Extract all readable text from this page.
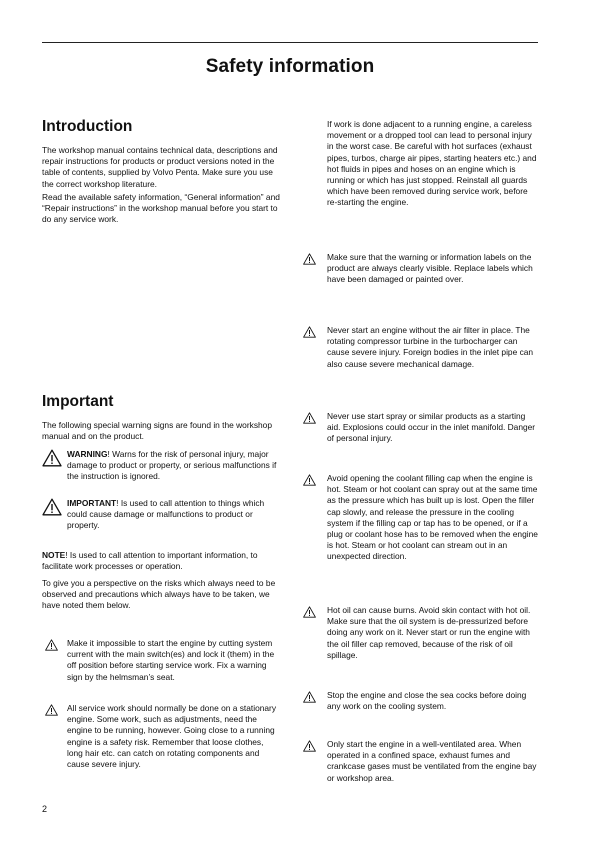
Safety information
Introduction

The workshop manual contains technical data, descriptions and repair instructions for products or product versions noted in the table of contents, supplied by Volvo Penta. Make sure you use the correct workshop literature.

Read the available safety information, “General information” and “Repair instructions” in the workshop manual before you start to do any service work.

Important

The following special warning signs are found in the workshop manual and on the product.

WARNING! Warns for the risk of personal injury, major damage to product or property, or serious malfunctions if the instruction is ignored.

IMPORTANT! Is used to call attention to things which could cause damage or malfunctions to product or property.

NOTE! Is used to call attention to important information, to facilitate work processes or operation.

To give you a perspective on the risks which always need to be observed and precautions which always have to be taken, we have noted them below.

Make it impossible to start the engine by cutting system current with the main switch(es) and lock it (them) in the off position before starting service work. Fix a warning sign by the helmsman’s seat.

All service work should normally be done on a stationary engine. Some work, such as adjustments, need the engine to be running, however. Going close to a running engine is a safety risk. Remember that loose clothes, long hair etc. can catch on rotating components and cause severe injury.

If work is done adjacent to a running engine, a careless movement or a dropped tool can lead to personal injury in the worst case. Be careful with hot surfaces (exhaust pipes, turbos, charge air pipes, starting heaters etc.) and hot fluids in pipes and hoses on an engine which is running or which has just stopped. Reinstall all guards which have been removed during service work, before re-starting the engine.

Make sure that the warning or information labels on the product are always clearly visible. Replace labels which have been damaged or painted over.

Never start an engine without the air filter in place. The rotating compressor turbine in the turbocharger can cause severe injury. Foreign bodies in the inlet pipe can also cause severe mechanical damage.

Never use start spray or similar products as a starting aid. Explosions could occur in the inlet manifold. Danger of personal injury.

Avoid opening the coolant filling cap when the engine is hot. Steam or hot coolant can spray out at the same time as the pressure which has built up is lost. Open the filler cap slowly, and release the pressure in the cooling system if the filling cap or tap has to be opened, or if a plug or coolant hose has to be removed when the engine is hot. Steam or hot coolant can stream out in an unexpected direction.

Hot oil can cause burns. Avoid skin contact with hot oil. Make sure that the oil system is de-pressurized before doing any work on it. Never start or run the engine with the oil filler cap removed, because of the risk of oil spillage.

Stop the engine and close the sea cocks before doing any work on the cooling system.

Only start the engine in a well-ventilated area. When operated in a confined space, exhaust fumes and crankcase gases must be ventilated from the engine bay or workshop area.

2
